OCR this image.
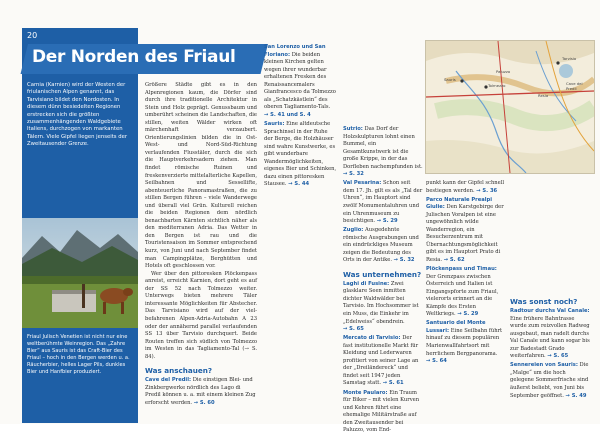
20
Carnia (Karnien) wird der Westen der friulanischen Alpen genannt, das Tarvisiano bildet den Nordosten. In diesem dünn besiedelten Regionen erstrecken sich die größten zusammenhängenden Waldgebiete Italiens, durchzogen von markanten Tälern. Viele Gipfel liegen jenseits der Zweitausender Grenze.
Friaul Julisch Venetien ist nicht nur eine weltberühmte Weinregion. Das „Zahre Bier“ aus Sauris ist das Craft-Bier des Friaul – hoch in den Bergen werden u. a. Räucherbier, helles Lager Pils, dunkles Bier und Hanfbier produziert.
Der Norden des Friaul

Größere Städte gibt es in den Alpenregionen kaum, die Dörfer sind durch ihre traditionelle Architektur in Stein und Holz geprägt. Genussbaum und umberührt scheinen die Landschaften, die stillen, weiten Wälder wirken oft märchenhaft verzaubert. Orientierungslinien bilden die in Ost-West- und Nord-Süd-Richtung verlaufenden Flusstäler, durch die sich die Hauptverkehrsadern ziehen. Man findet römische Ruinen und freskenverzierte mittelalterliche Kapellen, Seilbahnen und Sessellifte, abenteuerliche Panoramastraßen, die zu stillen Bergen führen – viele Wanderwege und überall viel Grün. Kulturell reichen die beiden Regionen dem nördlich benachbarten Kärnten sichtlich näher als den mediterranen Adria. Das Wetter in den Bergen ist rau und die Touristensaison im Sommer entsprechend kurz, von Juni und nach September findet man Campingplätze, Berghütten und Hotels oft geschlossen vor.

Wer über den pittoresken Plöckenpass anreist, erreicht Karnien, dort geht es auf der SS 52 nach Tolmezzo weiter. Unterwegs bieten mehrere Täler interessante Möglichkeiten für Abstecher. Das Tarvisiano wird auf der vielbefahrenen Alpen-Adria-Autobahn A 23 oder der annähernd parallel verlaufenden SS 13 über Tarvisio durchquert. Beide Routen treffen sich südlich von Tolmezzo im Westen in das Tagliamento-Tal (→ S. 84).

Was anschauen?
Cave del Predil: Die einstigen Blei- und Zinkbergwerke nördlich des Lago di Predil können u. a. mit einem kleinen Zug erforscht werden. → S. 60
San Lorenzo und San Floriano: Die beiden kleinen Kirchen gelten wegen ihrer wunderbar erhaltenen Fresken des Renaissancemalers Gianfrancesco da Tolmezzo als „Schatzkästlein“ des oberen Tagliamento-Tals. → S. 41 und S. 4
Sauris: Eine altdeutsche Sprachinsel in der Ruhe der Berge, die Holzhäuser sind wahre Kunstwerke, es gibt wunderbare Wandermöglichkeiten, eigenes Bier und Schinken, dazu einen pittoresken Stausee. → S. 44
Sutrio: Das Dorf der Holzskulpturen lohnt einen Bummel, ein Gesamtkunstwerk ist die große Krippe, in der das Dorfleben nachempfunden ist. → S. 32
Val Pesarina: Schon seit dem 17. Jh. gilt es als „Tal der Uhren“, im Hauptort sind zwölf Monumentaluhren und ein Uhrenmuseum zu besichtigen. → S. 29
Zuglio: Ausgedehnte römische Ausgrabungen und ein eindrückliges Museum zeigen die Bedeutung des Orts in der Antike. → S. 32
Was unternehmen?
Laghi di Fusine: Zwei glasklare Seen inmitten dichter Waldwälder bei Tarvisio. Im Hochsommer ist ein Muss, die Einkehr im „Edelweiss“ obendrein. → S. 65
Mercato di Tarvisio: Der fast institutionelle Markt für Kleidung und Lederwaren profitiert von seiner Lage an der „Dreiländereck“ und findet seit 1947 jeden Samstag statt. → S. 61
Monte Paularo: Ein Traum für Biker – mit vielen Kurven und Kehren führt eine ehemalige Militärstraße auf den Zweitausender bei Paluzzo, vom End-
Tarvisio
Tolmezzo
Sauris
Cave del Predil
Paluzzo
Resia
punkt kann der Gipfel schnell bestiegen werden. → S. 36
Parco Naturale Prealpi Giulie: Den Karstgebirge der Julischen Voralpen ist eine ungewöhnlich wilde Wanderregion, ein Besucherzentrum mit Übernachtungsmöglichkeit gibt es im Hauptort Prato di Resia. → S. 62
Plöckenpass und Timau: Der Grenzpass zwischen Österreich und Italien ist Eingangspforte zum Friaul, vielerorts erinnert an die Kämpfe des Ersten Weltkriegs. → S. 29
Santuario del Monte Lussari: Eine Seilbahn führt hinauf zu diesem populären Marienwallfahrtsort mit herrlichem Bergpanorama. → S. 64
Was sonst noch?
Radtour durchs Val Canale: Eine frühere Bahntrasse wurde zum reizvollen Radweg ausgebaut, man radelt durchs Val Canale und kann sogar bis zur Badestadt Grado weiterfahren. → S. 65
Sennereien von Sauris: Die „Malge“ um die hoch gelegene Sommerfrische sind äußerst beliebt, von Juni bis September geöffnet. → S. 49
